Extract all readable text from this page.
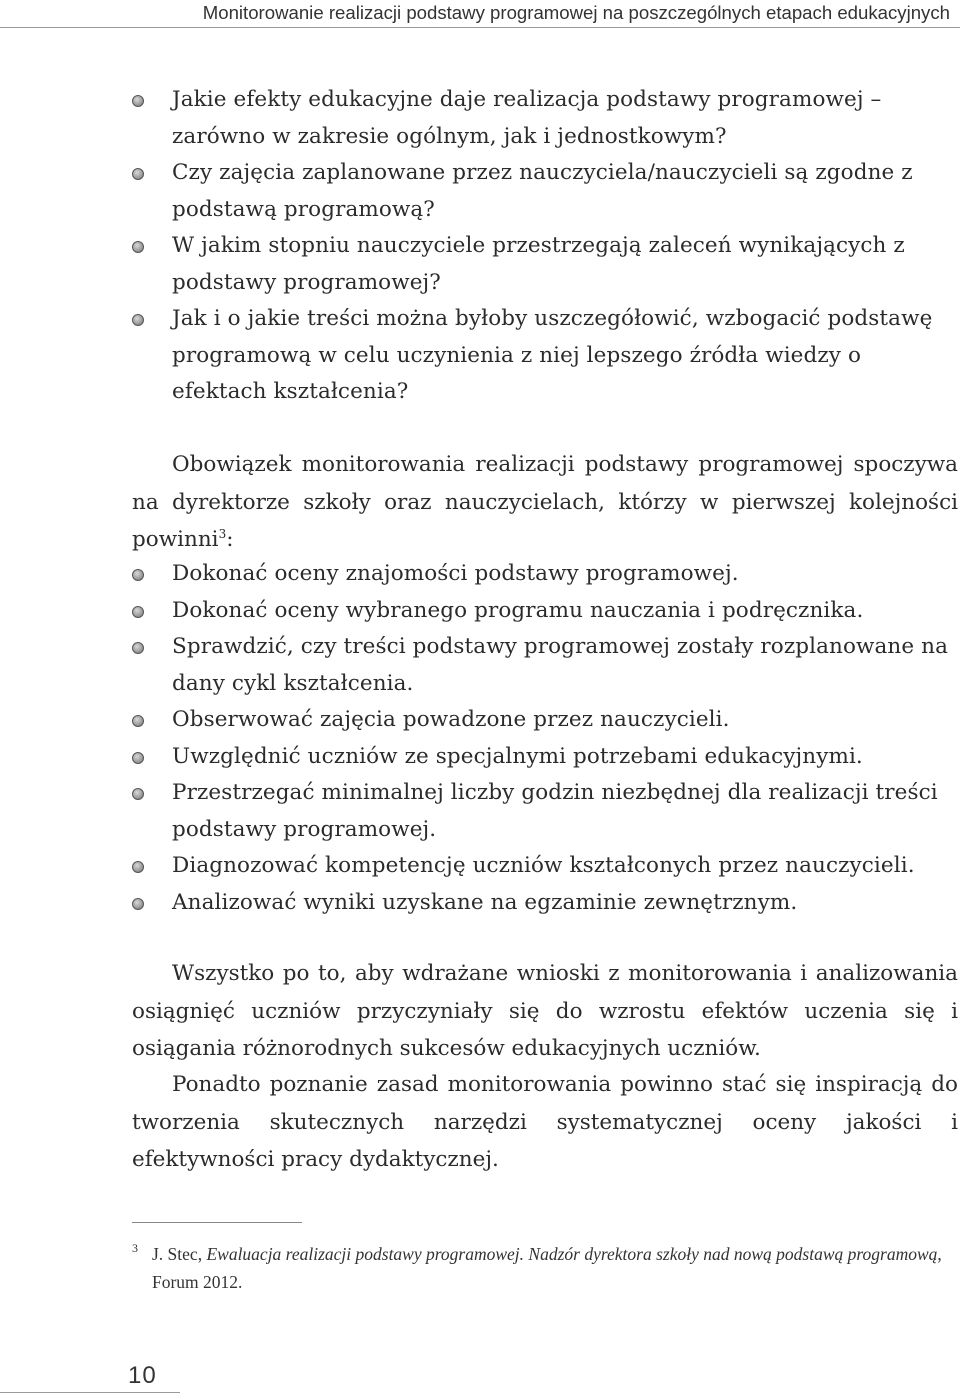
Monitorowanie realizacji podstawy programowej na poszczególnych etapach edukacyjnych
Jakie efekty edukacyjne daje realizacja podstawy programowej – zarówno w zakresie ogólnym, jak i jednostkowym?
Czy zajęcia zaplanowane przez nauczyciela/nauczycieli są zgodne z podstawą programową?
W jakim stopniu nauczyciele przestrzegają zaleceń wynikających z podstawy programowej?
Jak i o jakie treści można byłoby uszczegółowić, wzbogacić podstawę programową w celu uczynienia z niej lepszego źródła wiedzy o efektach kształcenia?

Obowiązek monitorowania realizacji podstawy programowej spoczywa na dyrektorze szkoły oraz nauczycielach, którzy w pierwszej kolejności powinni$^3$:

Dokonać oceny znajomości podstawy programowej.
Dokonać oceny wybranego programu nauczania i podręcznika.
Sprawdzić, czy treści podstawy programowej zostały rozplanowane na dany cykl kształcenia.
Obserwować zajęcia powadzone przez nauczycieli.
Uwzględnić uczniów ze specjalnymi potrzebami edukacyjnymi.
Przestrzegać minimalnej liczby godzin niezbędnej dla realizacji treści podstawy programowej.
Diagnozować kompetencję uczniów kształconych przez nauczycieli.
Analizować wyniki uzyskane na egzaminie zewnętrznym.

Wszystko po to, aby wdrażane wnioski z monitorowania i analizowania osiągnięć uczniów przyczyniały się do wzrostu efektów uczenia się i osiągania różnorodnych sukcesów edukacyjnych uczniów.

Ponadto poznanie zasad monitorowania powinno stać się inspiracją do tworzenia skutecznych narzędzi systematycznej oceny jakości i efektywności pracy dydaktycznej.

3 J. Stec, Ewaluacja realizacji podstawy programowej. Nadzór dyrektora szkoły nad nową podstawą programową, Forum 2012.
10
